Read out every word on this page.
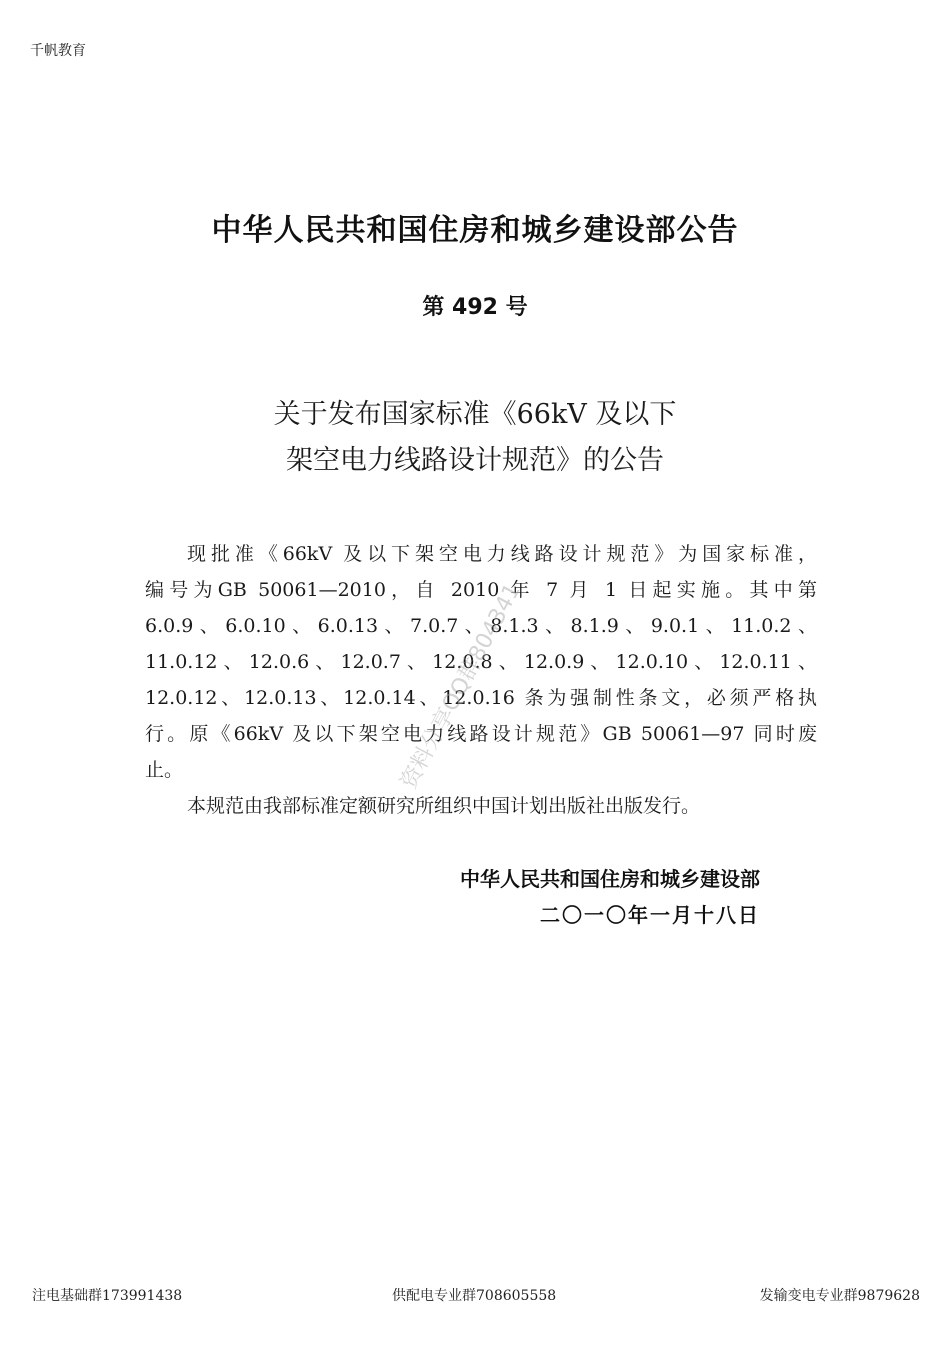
千帆教育
中华人民共和国住房和城乡建设部公告
第 492 号
关于发布国家标准《66kV 及以下
架空电力线路设计规范》的公告
现批准《66kV 及以下架空电力线路设计规范》为国家标准，
编号为GB 50061—2010，自 2010 年 7 月 1 日起实施。其中第
6.0.9、6.0.10、6.0.13、7.0.7、8.1.3、8.1.9、9.0.1、11.0.2、
11.0.12、12.0.6、12.0.7、12.0.8、12.0.9、12.0.10、12.0.11、
12.0.12、12.0.13、12.0.14、12.0.16 条为强制性条文，必须严格执
行。原《66kV 及以下架空电力线路设计规范》GB 50061—97 同时废
止。
本规范由我部标准定额研究所组织中国计划出版社出版发行。
中华人民共和国住房和城乡建设部
二〇一〇年一月十八日
资料分享QQ群804341
注电基础群173991438	供配电专业群708605558	发输变电专业群9879628
